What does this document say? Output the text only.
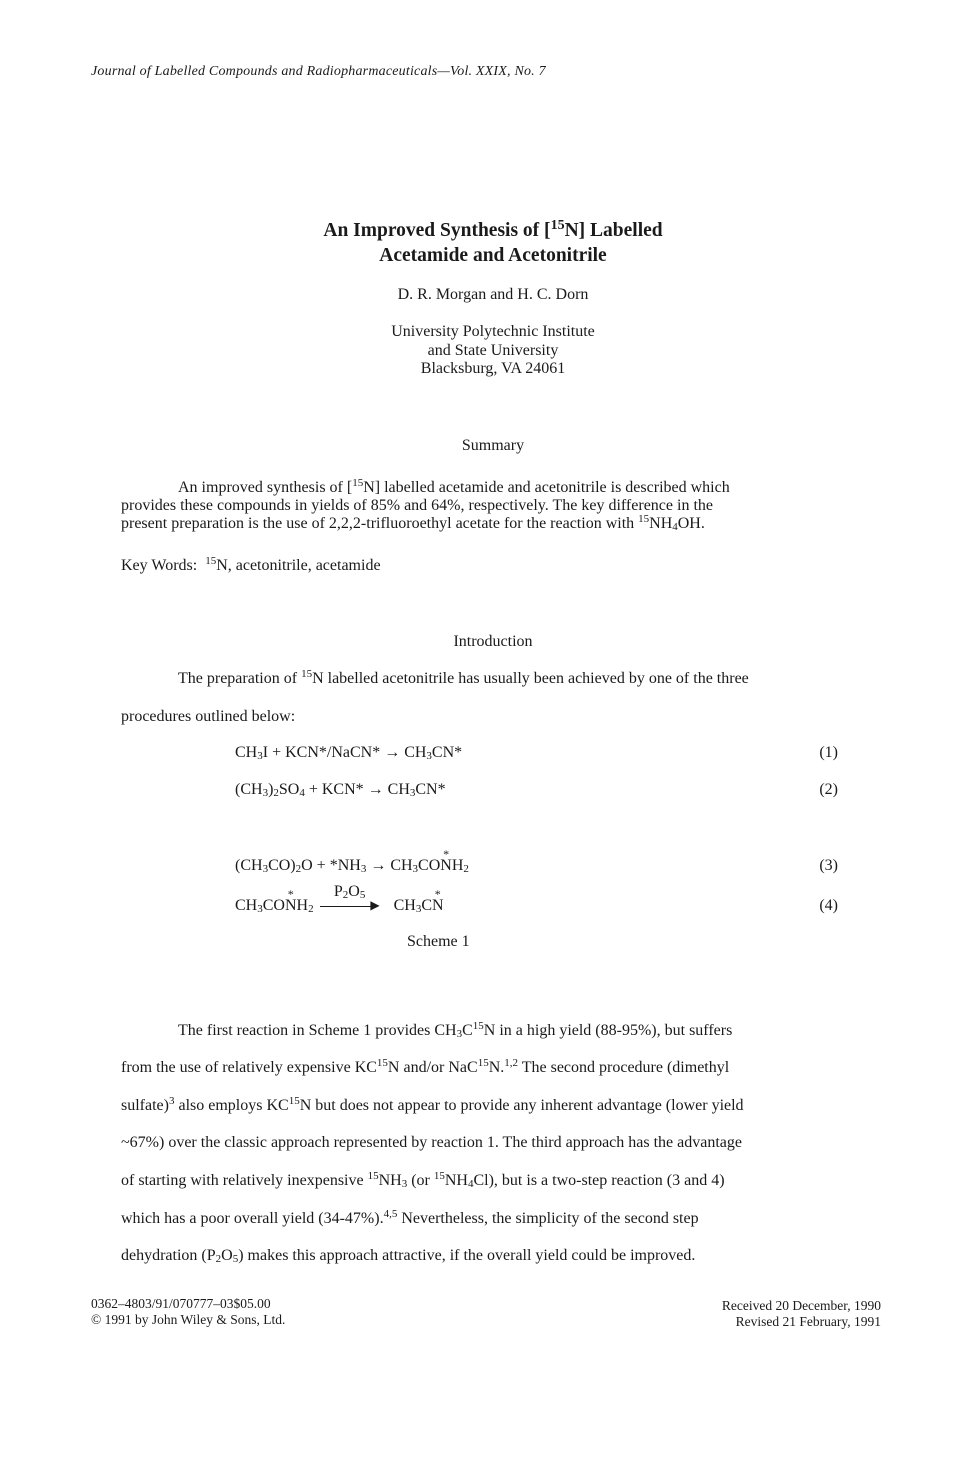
Journal of Labelled Compounds and Radiopharmaceuticals—Vol. XXIX, No. 7
An Improved Synthesis of [$^{15}$N] Labelled
Acetamide and Acetonitrile
D. R. Morgan and H. C. Dorn
University Polytechnic Institute
and State University
Blacksburg, VA 24061
Summary
An improved synthesis of [$^{15}$N] labelled acetamide and acetonitrile is described which
provides these compounds in yields of 85% and 64%, respectively. The key difference in the
present preparation is the use of 2,2,2-trifluoroethyl acetate for the reaction with $^{15}NH_4OH$.
Key Words: $^{15}$N, acetonitrile, acetamide
Introduction
The preparation of $^{15}$N labelled acetonitrile has usually been achieved by one of the three
procedures outlined below:
$CH_3I$ + KCN*/NaCN* → $CH_3CN*$	(1)
$(CH_3)_2SO_4 + KCN* \to CH_3CN*$	(2)
$(CH_3CO)_2O + *NH_3 \to CH_3CO*$ $NH_2$	(3)
$CH_3CO*$ $NH_2$
$P_2O_5$
▶ $CH_3C*$ N	(4)
Scheme 1
The first reaction in Scheme 1 provides $CH_3C^{15}N$ in a high yield (88-95%), but suffers
from the use of relatively expensive KC$^{15}$N and/or NaC$^{15}$N.$^{1,2}$ The second procedure (dimethyl
sulfate)$^3$ also employs KC$^{15}$N but does not appear to provide any inherent advantage (lower yield
~67%) over the classic approach represented by reaction 1. The third approach has the advantage
of starting with relatively inexpensive $^{15}NH_3$ (or $^{15}NH_4Cl$), but is a two-step reaction (3 and 4)
which has a poor overall yield (34-47%).$^{4,5}$ Nevertheless, the simplicity of the second step
dehydration $(P_2O_5)$ makes this approach attractive, if the overall yield could be improved.
0362–4803/91/070777–03$05.00
© 1991 by John Wiley & Sons, Ltd.
Received 20 December, 1990
Revised 21 February, 1991
